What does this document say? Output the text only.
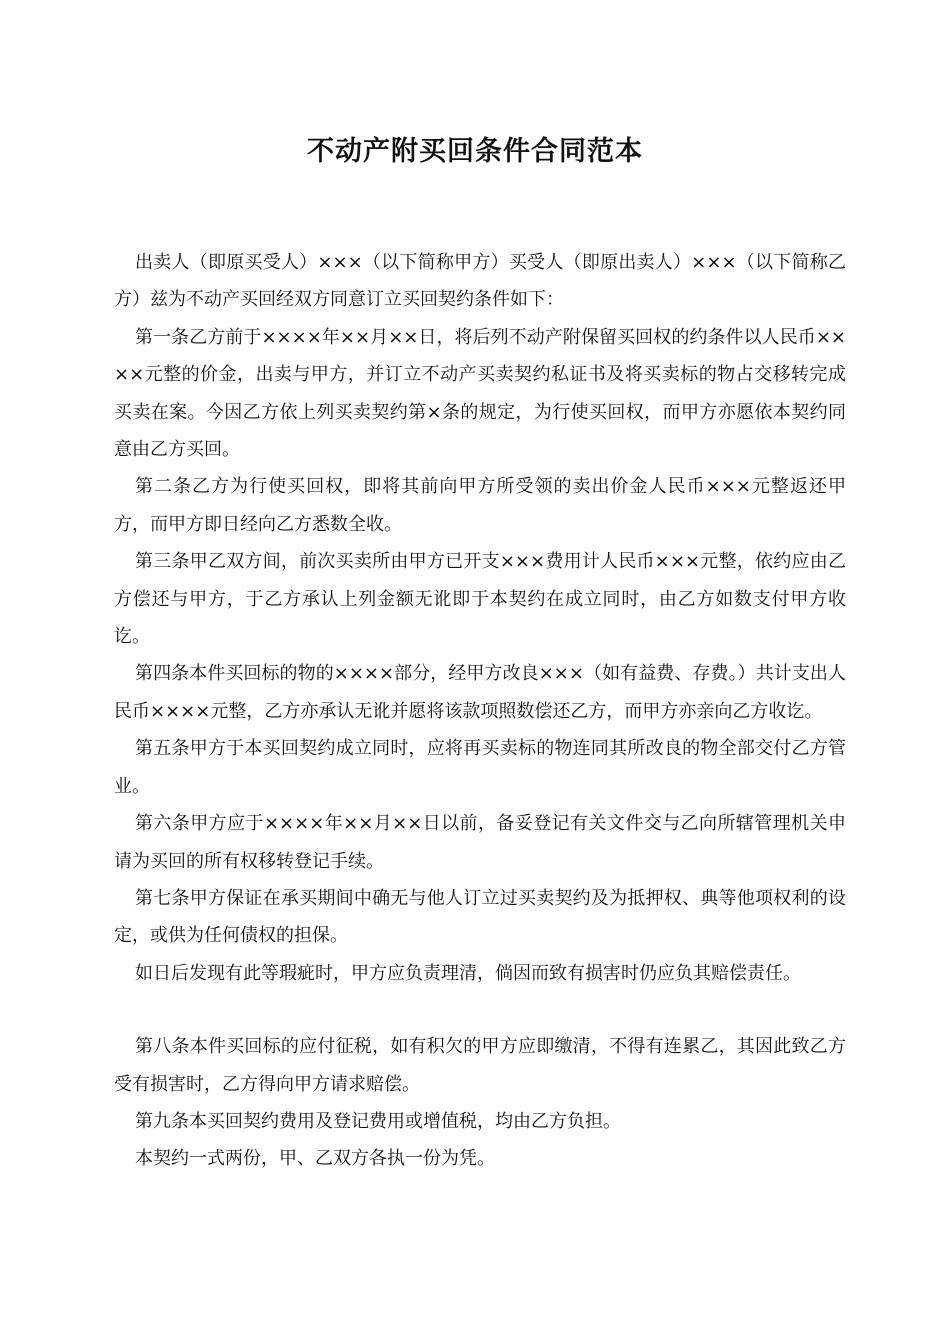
不动产附买回条件合同范本

出卖人（即原买受人）×××（以下简称甲方）买受人（即原出卖人）×××（以下简称乙方）兹为不动产买回经双方同意订立买回契约条件如下：

第一条乙方前于××××年××月××日，将后列不动产附保留买回权的约条件以人民币××××元整的价金，出卖与甲方，并订立不动产买卖契约私证书及将买卖标的物占交移转完成买卖在案。今因乙方依上列买卖契约第×条的规定，为行使买回权，而甲方亦愿依本契约同意由乙方买回。

第二条乙方为行使买回权，即将其前向甲方所受领的卖出价金人民币×××元整返还甲方，而甲方即日经向乙方悉数全收。

第三条甲乙双方间，前次买卖所由甲方已开支×××费用计人民币×××元整，依约应由乙方偿还与甲方，于乙方承认上列金额无讹即于本契约在成立同时，由乙方如数支付甲方收讫。

第四条本件买回标的物的××××部分，经甲方改良×××（如有益费、存费。）共计支出人民币××××元整，乙方亦承认无讹并愿将该款项照数偿还乙方，而甲方亦亲向乙方收讫。

第五条甲方于本买回契约成立同时，应将再买卖标的物连同其所改良的物全部交付乙方管业。

第六条甲方应于××××年××月××日以前，备妥登记有关文件交与乙向所辖管理机关申请为买回的所有权移转登记手续。

第七条甲方保证在承买期间中确无与他人订立过买卖契约及为抵押权、典等他项权利的设定，或供为任何债权的担保。

如日后发现有此等瑕疵时，甲方应负责理清，倘因而致有损害时仍应负其赔偿责任。

第八条本件买回标的应付征税，如有积欠的甲方应即缴清，不得有连累乙，其因此致乙方受有损害时，乙方得向甲方请求赔偿。

第九条本买回契约费用及登记费用或增值税，均由乙方负担。

本契约一式两份，甲、乙双方各执一份为凭。
